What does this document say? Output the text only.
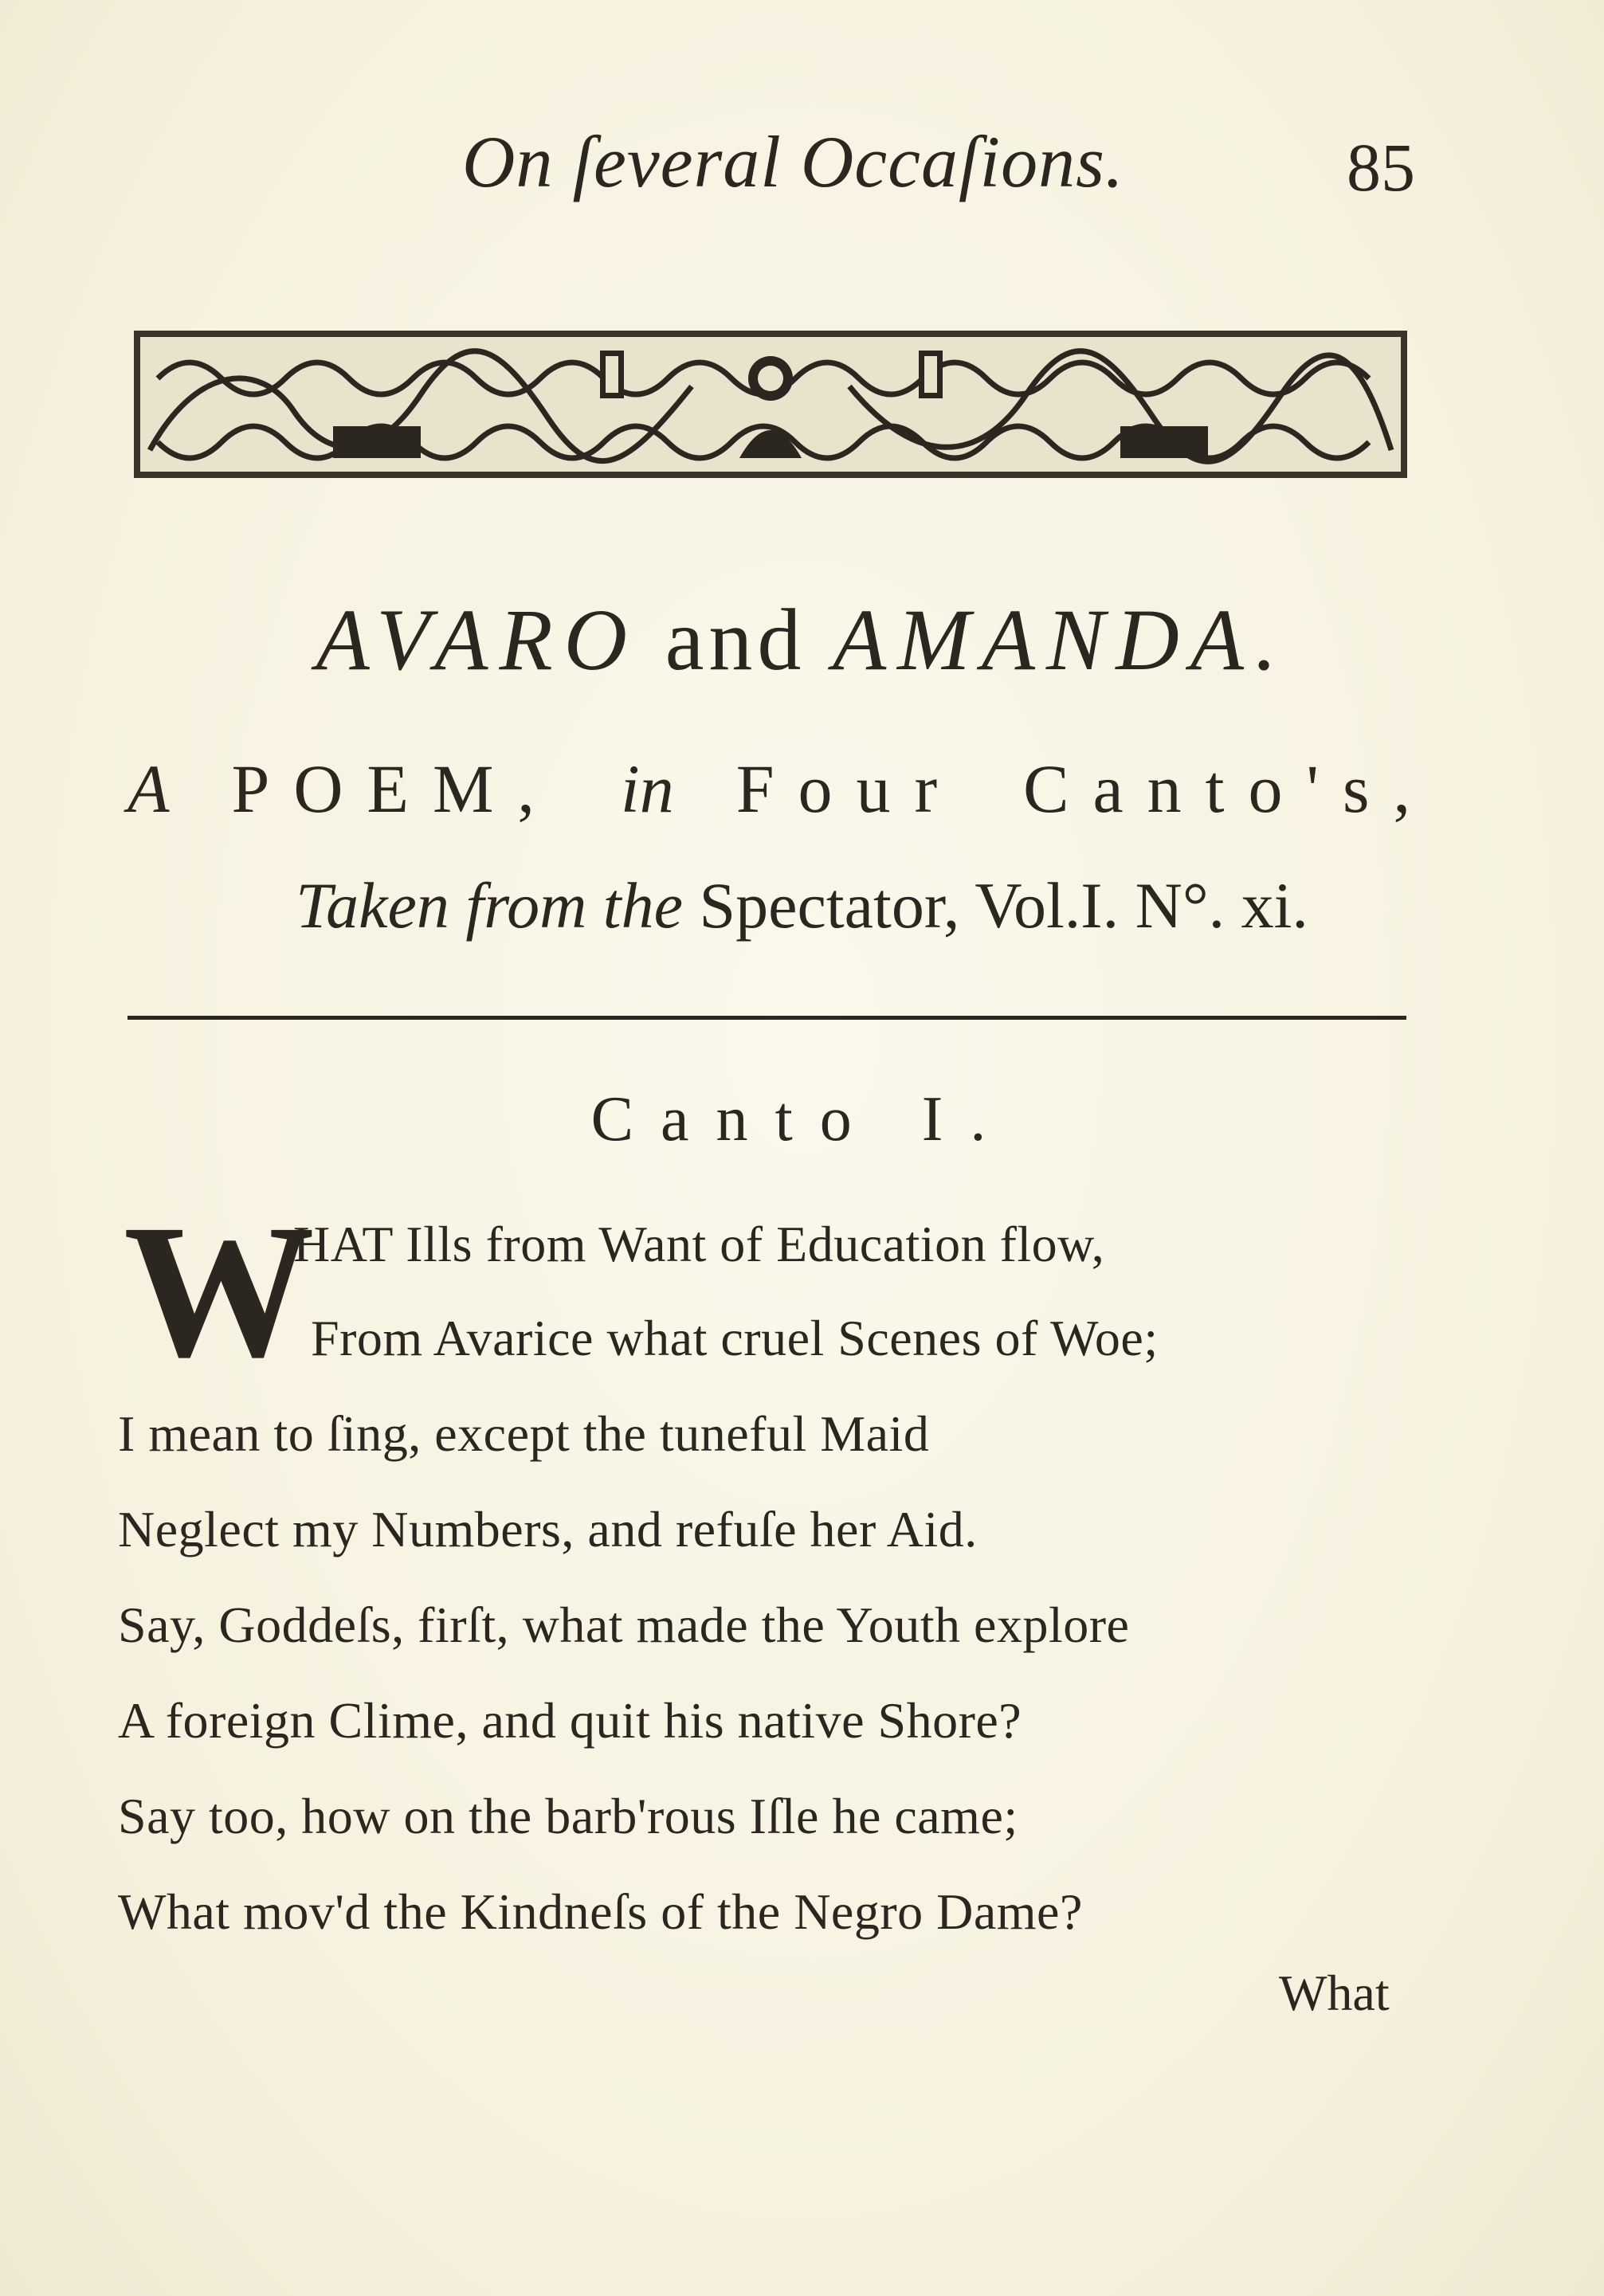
On ſeveral Occaſions.	85
AVARO and AMANDA.
A POEM, in Four Canto's,
Taken from the Spectator, Vol.I. N°. xi.
Canto I.
W
HAT Ills from Want of Education flow,
From Avarice what cruel Scenes of Woe;
I mean to ſing, except the tuneful Maid
Neglect my Numbers, and refuſe her Aid.
Say, Goddeſs, firſt, what made the Youth explore
A foreign Clime, and quit his native Shore?
Say too, how on the barb'rous Iſle he came;
What mov'd the Kindneſs of the Negro Dame?
What
